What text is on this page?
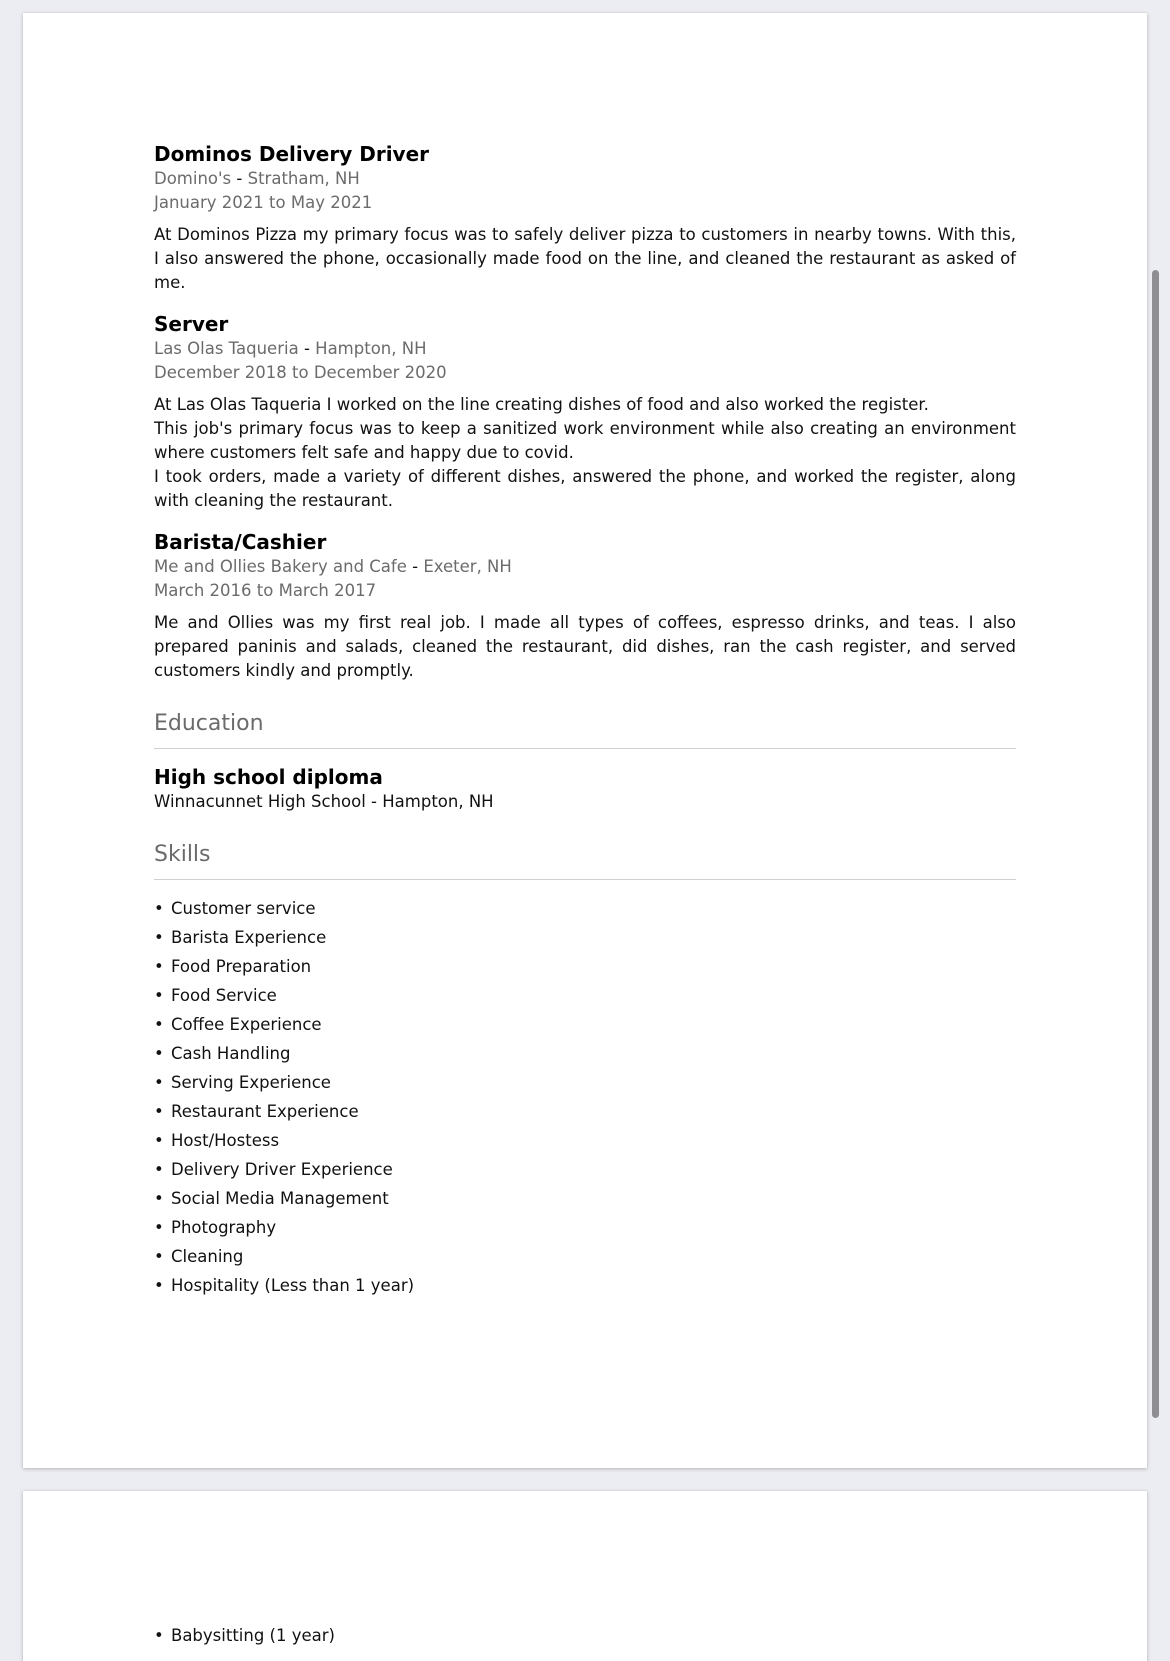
Dominos Delivery Driver
Domino's - Stratham, NH
January 2021 to May 2021

At Dominos Pizza my primary focus was to safely deliver pizza to customers in nearby towns. With this, I also answered the phone, occasionally made food on the line, and cleaned the restaurant as asked of me.

Server
Las Olas Taqueria - Hampton, NH
December 2018 to December 2020

At Las Olas Taqueria I worked on the line creating dishes of food and also worked the register.

This job's primary focus was to keep a sanitized work environment while also creating an environment where customers felt safe and happy due to covid.

I took orders, made a variety of different dishes, answered the phone, and worked the register, along with cleaning the restaurant.

Barista/Cashier
Me and Ollies Bakery and Cafe - Exeter, NH
March 2016 to March 2017

Me and Ollies was my first real job. I made all types of coffees, espresso drinks, and teas. I also prepared paninis and salads, cleaned the restaurant, did dishes, ran the cash register, and served customers kindly and promptly.

Education
High school diploma
Winnacunnet High School - Hampton, NH
Skills
• Customer service
• Barista Experience
• Food Preparation
• Food Service
• Coffee Experience
• Cash Handling
• Serving Experience
• Restaurant Experience
• Host/Hostess
• Delivery Driver Experience
• Social Media Management
• Photography
• Cleaning
• Hospitality (Less than 1 year)
• Babysitting (1 year)
